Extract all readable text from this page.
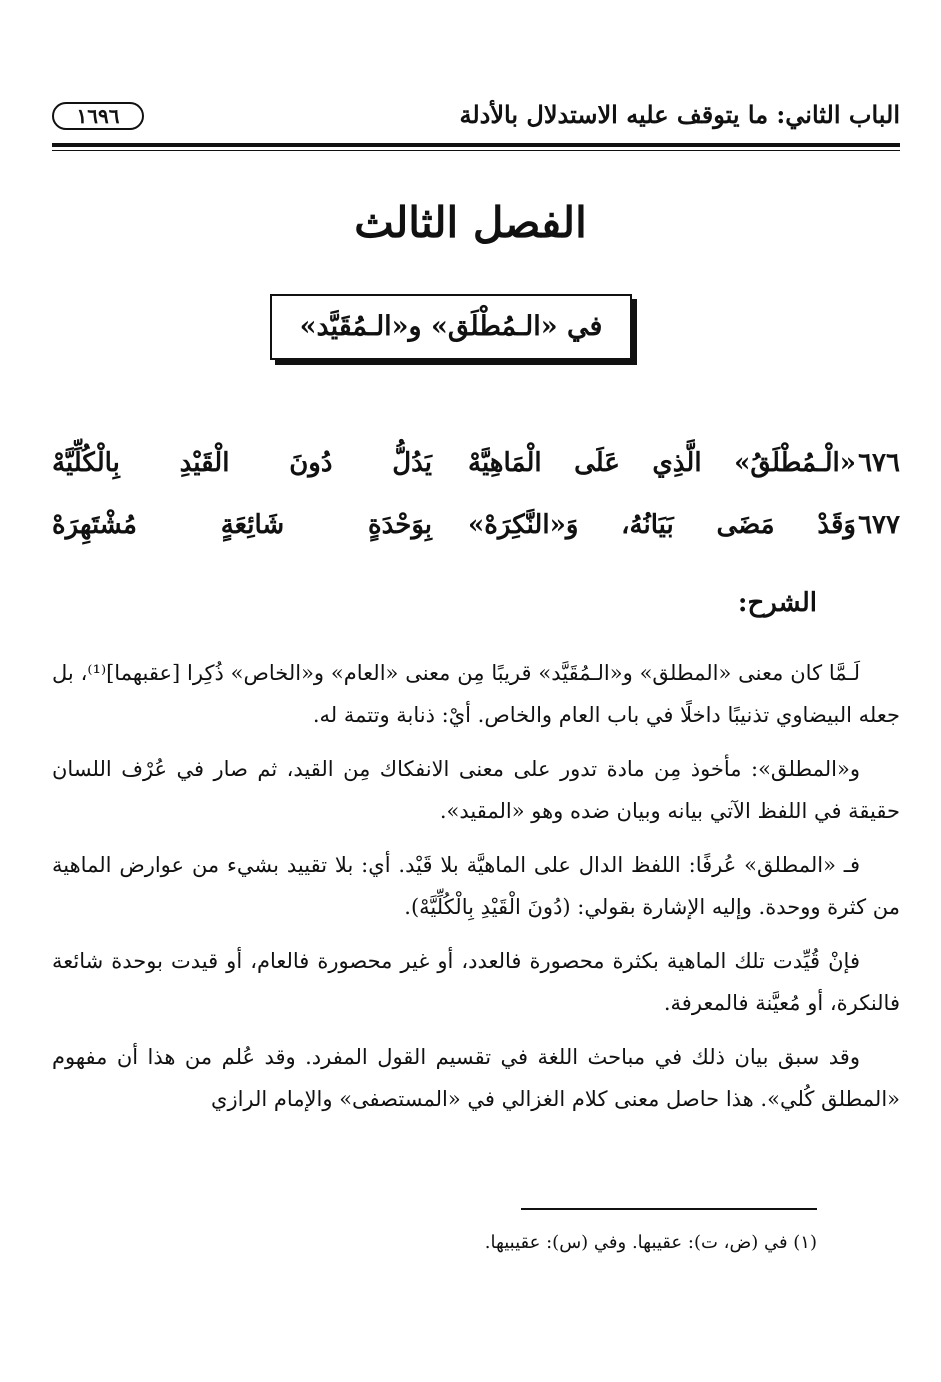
الباب الثاني: ما يتوقف عليه الاستدلال بالأدلة
١٦٩٦
الفصل الثالث
في «الـمُطْلَق» و«الـمُقَيَّد»
٦٧٦
«الْـمُطْلَقُ» الَّذِي عَلَى الْمَاهِيَّهْ
يَدُلُّ دُونَ الْقَيْدِ بِالْكُلِّيَّهْ
٦٧٧
وَقَدْ مَضَى بَيَانُهُ، وَ«النَّكِرَهْ»
بِوَحْدَةٍ شَائِعَةٍ مُشْتَهِرَهْ
الشرح:

لَـمَّا كان معنى «المطلق» و«الـمُقَيَّد» قريبًا مِن معنى «العام» و«الخاص» ذُكِرا [عقبهما]⁽¹⁾، بل جعله البيضاوي تذنيبًا داخلًا في باب العام والخاص. أيْ: ذنابة وتتمة له.

و«المطلق»: مأخوذ مِن مادة تدور على معنى الانفكاك مِن القيد، ثم صار في عُرْف اللسان حقيقة في اللفظ الآتي بيانه وبيان ضده وهو «المقيد».

فـ «المطلق» عُرفًا: اللفظ الدال على الماهيَّة بلا قَيْد. أي: بلا تقييد بشيء من عوارض الماهية من كثرة ووحدة. وإليه الإشارة بقولي: (دُونَ الْقَيْدِ بِالْكُلِّيَّهْ).

فإنْ قُيِّدت تلك الماهية بكثرة محصورة فالعدد، أو غير محصورة فالعام، أو قيدت بوحدة شائعة فالنكرة، أو مُعيَّنة فالمعرفة.

وقد سبق بيان ذلك في مباحث اللغة في تقسيم القول المفرد. وقد عُلم من هذا أن مفهوم «المطلق كُلي». هذا حاصل معنى كلام الغزالي في «المستصفى» والإمام الرازي

(١) في (ض، ت): عقيبها. وفي (س): عقيبيها.
